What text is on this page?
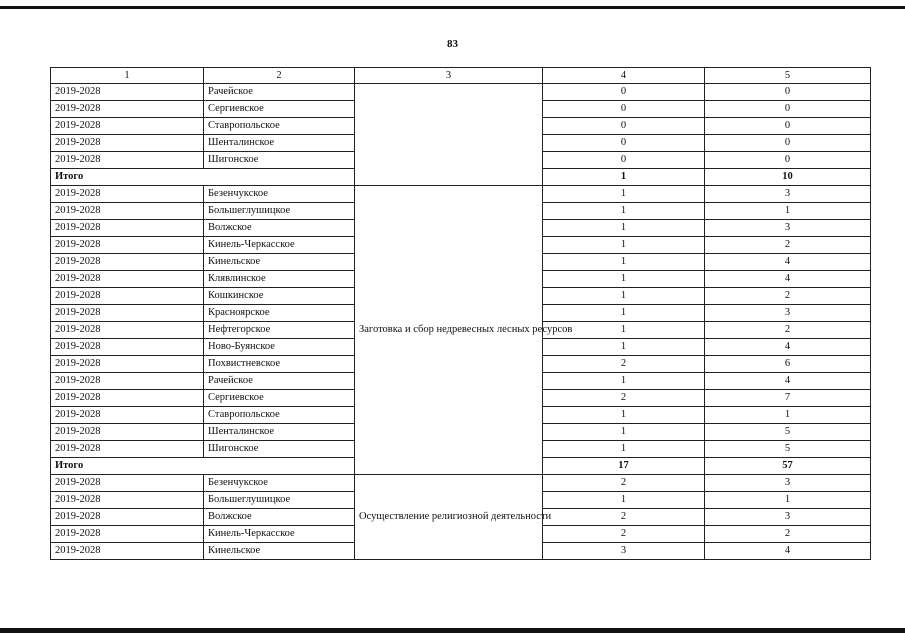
83
1	2	3	4	5
2019-2028	Рачейское		0	0
2019-2028	Сергиевское		0	0
2019-2028	Ставропольское		0	0
2019-2028	Шенталинское		0	0
2019-2028	Шигонское		0	0
Итого			1	10
2019-2028	Безенчукское	Заготовка и сбор недревесных лесных ресурсов	1	3
2019-2028	Большеглушицкое		1	1
2019-2028	Волжское		1	3
2019-2028	Кинель-Черкасское		1	2
2019-2028	Кинельское		1	4
2019-2028	Клявлинское		1	4
2019-2028	Кошкинское		1	2
2019-2028	Красноярское		1	3
2019-2028	Нефтегорское		1	2
2019-2028	Ново-Буянское		1	4
2019-2028	Похвистневское		2	6
2019-2028	Рачейское		1	4
2019-2028	Сергиевское		2	7
2019-2028	Ставропольское		1	1
2019-2028	Шенталинское		1	5
2019-2028	Шигонское		1	5
Итого			17	57
2019-2028	Безенчукское	Осуществление религиозной деятельности	2	3
2019-2028	Большеглушицкое		1	1
2019-2028	Волжское		2	3
2019-2028	Кинель-Черкасское		2	2
2019-2028	Кинельское		3	4
